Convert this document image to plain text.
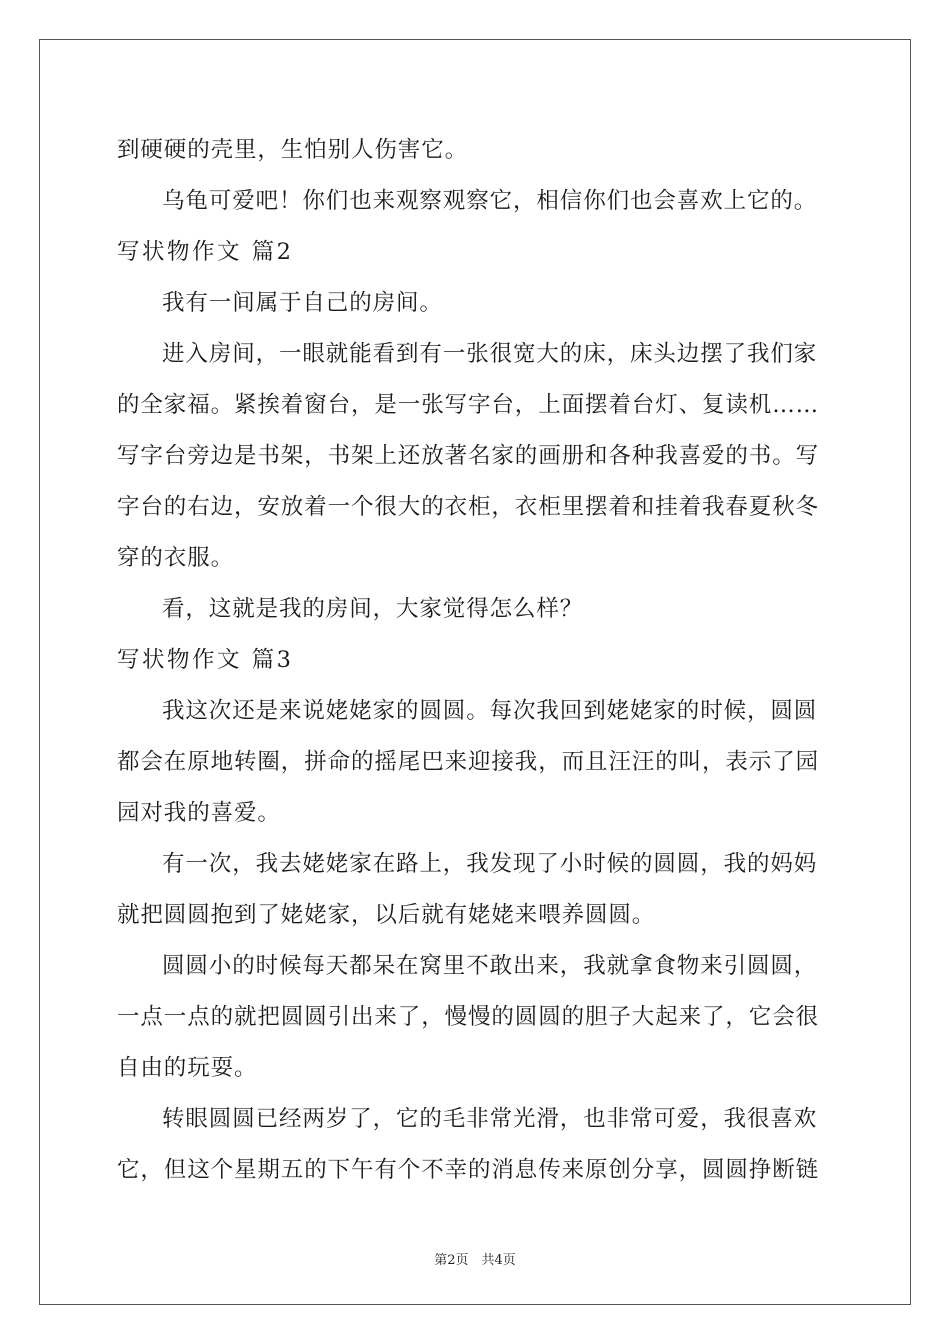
到硬硬的壳里，生怕别人伤害它。

乌龟可爱吧！你们也来观察观察它，相信你们也会喜欢上它的。

写状物作文 篇2

我有一间属于自己的房间。

进入房间，一眼就能看到有一张很宽大的床，床头边摆了我们家

的全家福。紧挨着窗台，是一张写字台，上面摆着台灯、复读机……

写字台旁边是书架，书架上还放著名家的画册和各种我喜爱的书。写

字台的右边，安放着一个很大的衣柜，衣柜里摆着和挂着我春夏秋冬

穿的衣服。

看，这就是我的房间，大家觉得怎么样？

写状物作文 篇3

我这次还是来说姥姥家的圆圆。每次我回到姥姥家的时候，圆圆

都会在原地转圈，拼命的摇尾巴来迎接我，而且汪汪的叫，表示了园

园对我的喜爱。

有一次，我去姥姥家在路上，我发现了小时候的圆圆，我的妈妈

就把圆圆抱到了姥姥家，以后就有姥姥来喂养圆圆。

圆圆小的时候每天都呆在窝里不敢出来，我就拿食物来引圆圆，

一点一点的就把圆圆引出来了，慢慢的圆圆的胆子大起来了，它会很

自由的玩耍。

转眼圆圆已经两岁了，它的毛非常光滑，也非常可爱，我很喜欢

它，但这个星期五的下午有个不幸的消息传来原创分享，圆圆挣断链

第2页　共4页
